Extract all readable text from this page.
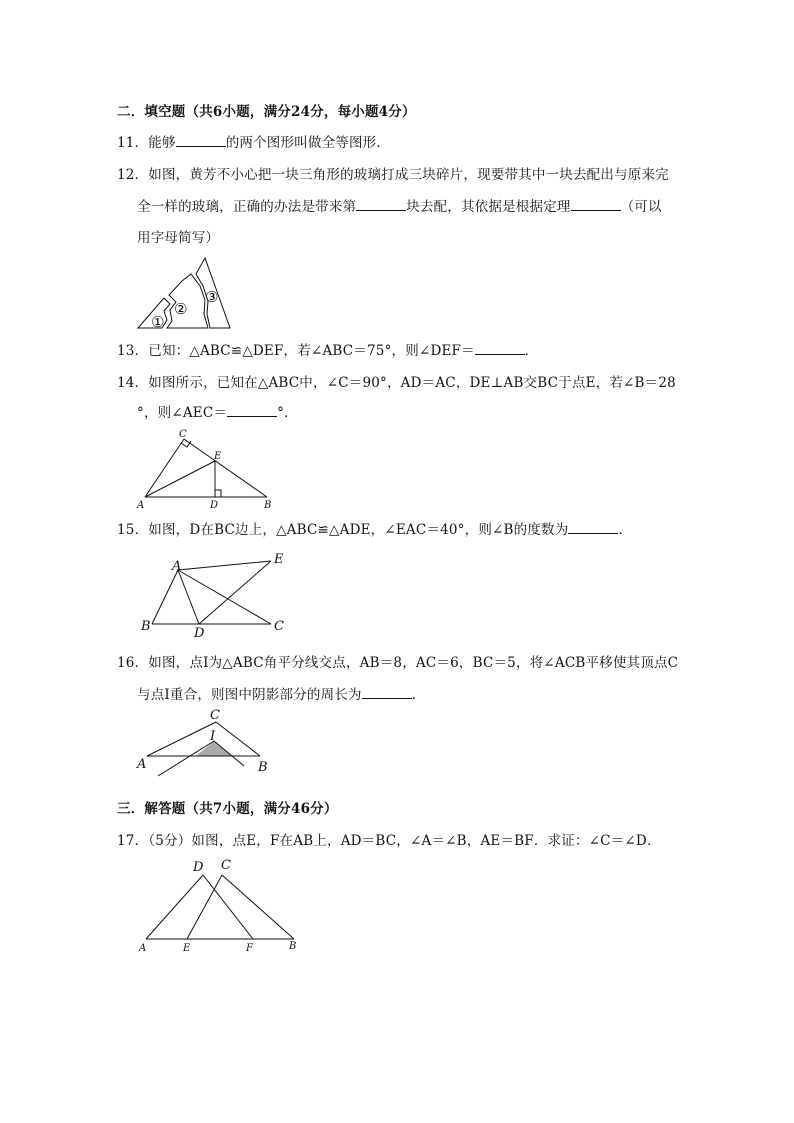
二．填空题（共6小题，满分24分，每小题4分）
11．能够	的两个图形叫做全等图形．
12．如图，黄芳不小心把一块三角形的玻璃打成三块碎片，现要带其中一块去配出与原来完
全一样的玻璃，正确的办法是带来第	块去配，其依据是根据定理	（可以
用字母简写）
①
②
③
13．已知：△ABC≌△DEF，若∠ABC＝75°，则∠DEF＝	．
14．如图所示，已知在△ABC中，∠C＝90°，AD＝AC，DE⊥AB交BC于点E，若∠B＝28
°，则∠AEC＝	°．
C
E
A	D	B
15．如图，D在BC边上，△ABC≌△ADE，∠EAC＝40°，则∠B的度数为	．
A	E
B	D	C
16．如图，点I为△ABC角平分线交点，AB＝8，AC＝6，BC＝5，将∠ACB平移使其顶点C
与点I重合，则图中阴影部分的周长为	．
C
I
A	B
三．解答题（共7小题，满分46分）
17．（5分）如图，点E，F在AB上，AD＝BC，∠A＝∠B，AE＝BF．求证：∠C＝∠D．
D C
A	E	F	B
